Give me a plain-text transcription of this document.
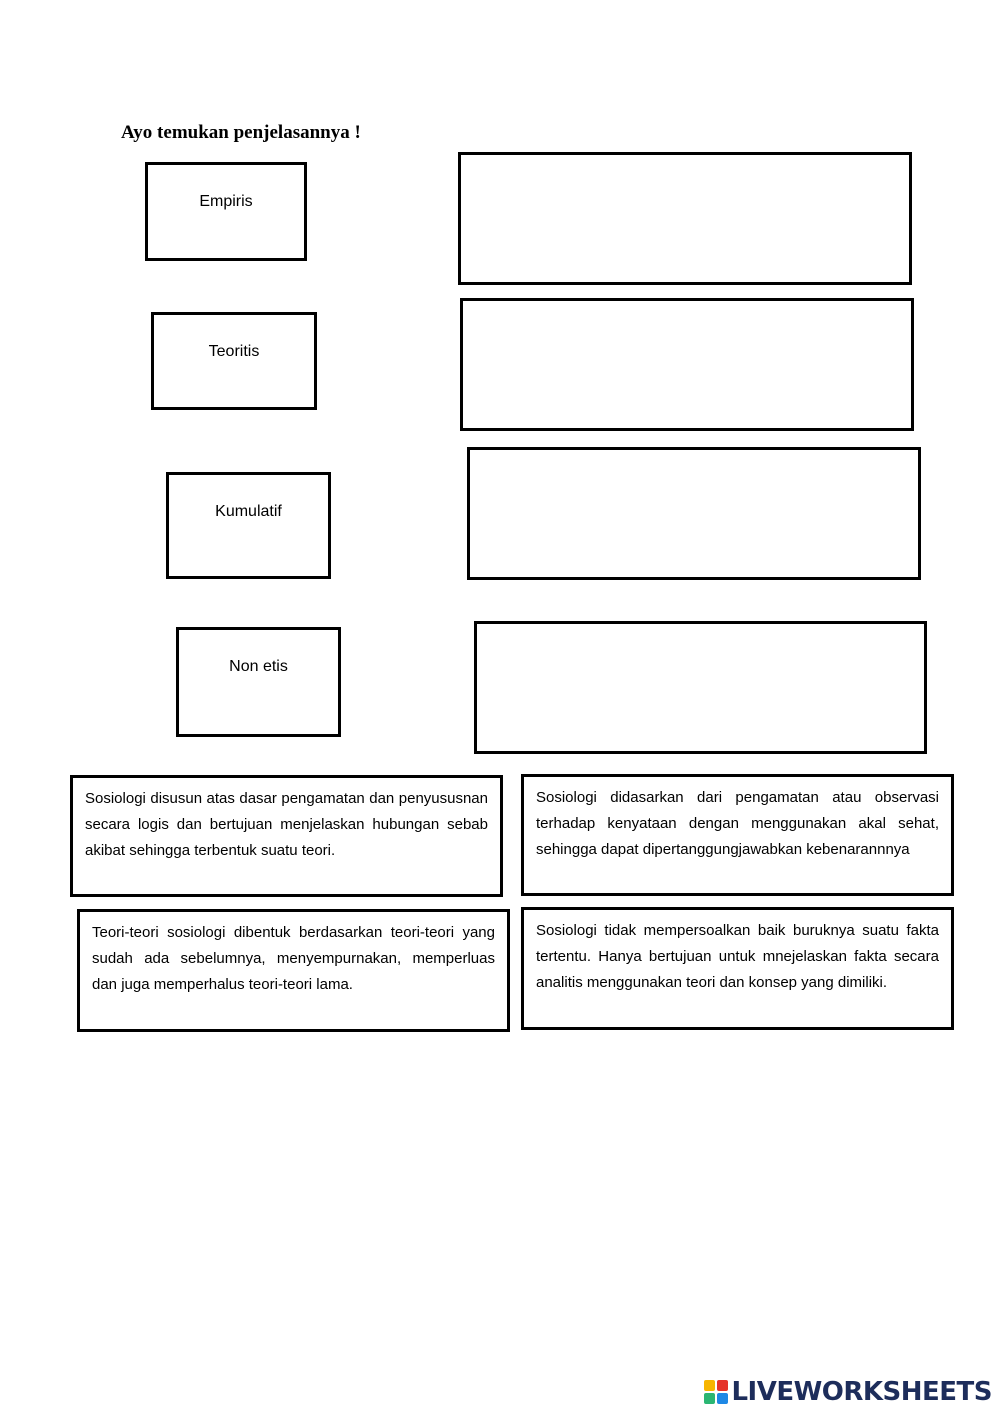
Ayo temukan penjelasannya !
Empiris
Teoritis
Kumulatif
Non etis
Sosiologi disusun atas dasar pengamatan dan penyususnan secara logis dan bertujuan menjelaskan hubungan sebab akibat sehingga terbentuk suatu teori.
Sosiologi didasarkan dari pengamatan atau observasi terhadap kenyataan dengan menggunakan akal sehat, sehingga dapat dipertanggungjawabkan kebenarannnya
Teori-teori sosiologi dibentuk berdasarkan teori-teori yang sudah ada sebelumnya, menyempurnakan, memperluas dan juga memperhalus teori-teori lama.
Sosiologi tidak mempersoalkan baik buruknya suatu fakta tertentu. Hanya bertujuan untuk mnejelaskan fakta secara analitis menggunakan teori dan konsep yang dimiliki.
LIVEWORKSHEETS
